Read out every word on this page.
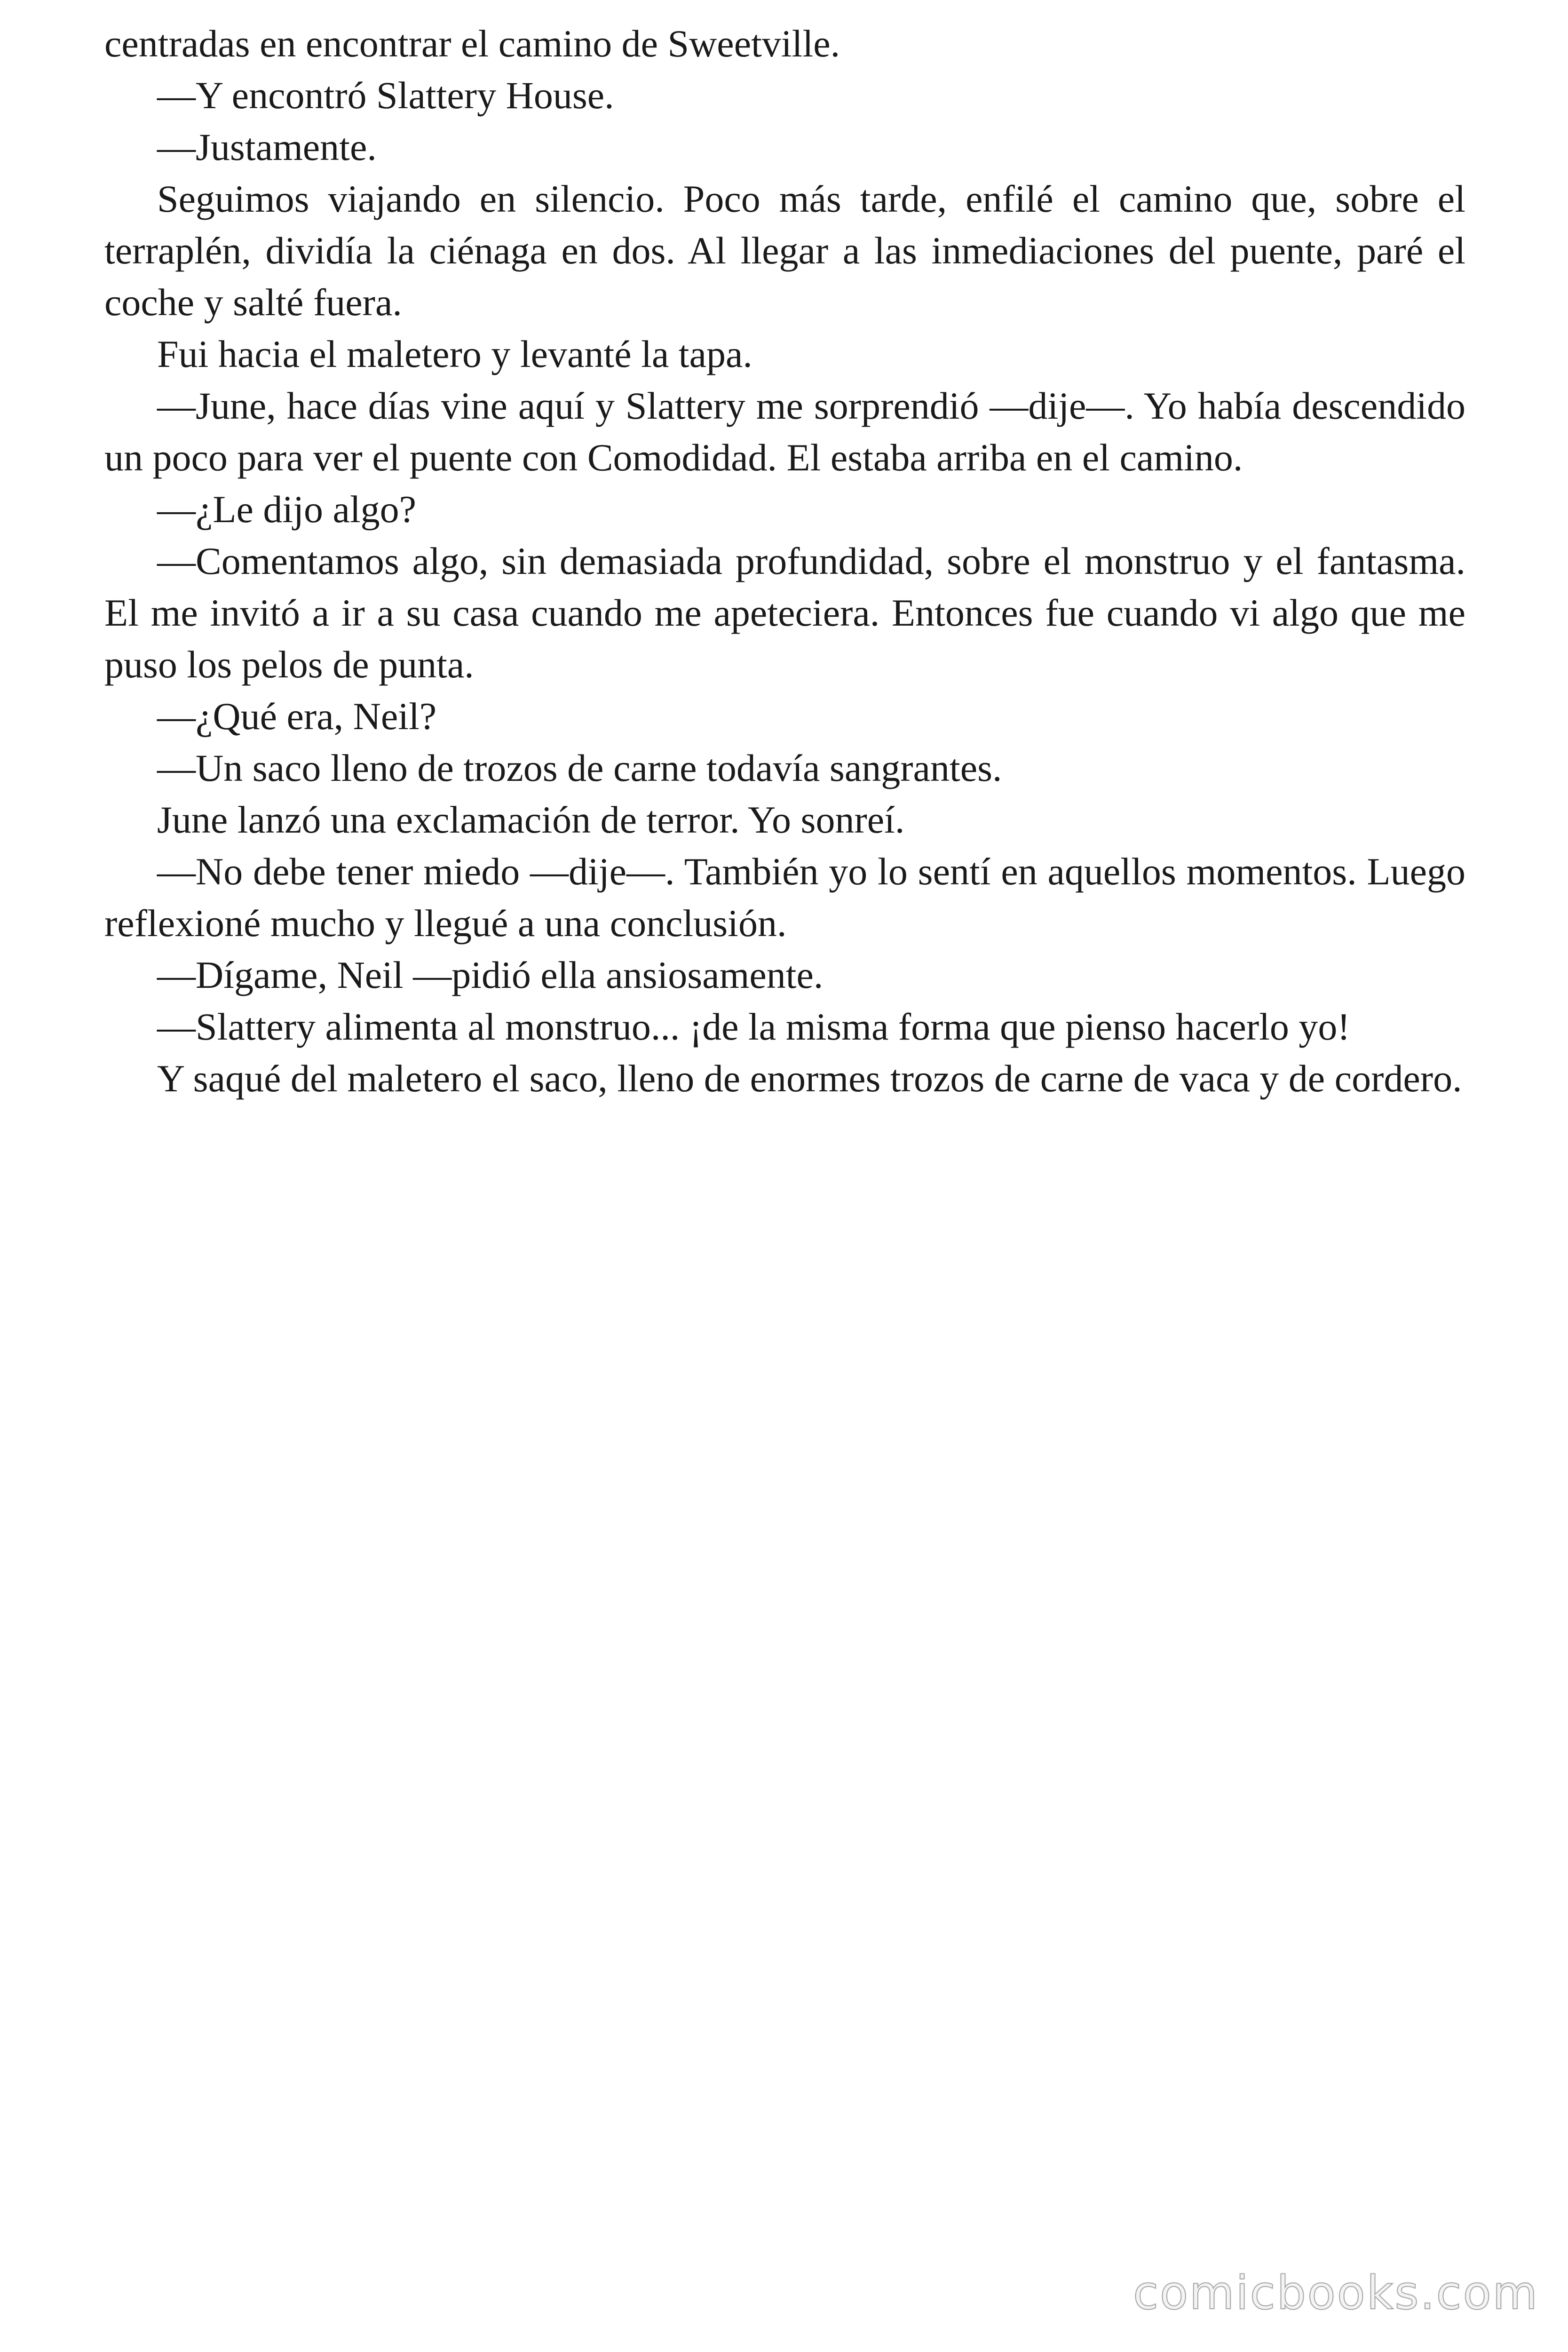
centradas en encontrar el camino de Sweetville.

—Y encontró Slattery House.

—Justamente.

Seguimos viajando en silencio. Poco más tarde, enfilé el camino que, sobre el terraplén, dividía la ciénaga en dos. Al llegar a las inmediaciones del puente, paré el coche y salté fuera.

Fui hacia el maletero y levanté la tapa.

—June, hace días vine aquí y Slattery me sorprendió —dije—. Yo había descendido un poco para ver el puente con Comodidad. El estaba arriba en el camino.

—¿Le dijo algo?

—Comentamos algo, sin demasiada profundidad, sobre el monstruo y el fantasma. El me invitó a ir a su casa cuando me apeteciera. Entonces fue cuando vi algo que me puso los pelos de punta.

—¿Qué era, Neil?

—Un saco lleno de trozos de carne todavía sangrantes.

June lanzó una exclamación de terror. Yo sonreí.

—No debe tener miedo —dije—. También yo lo sentí en aquellos momentos. Luego reflexioné mucho y llegué a una conclusión.

—Dígame, Neil —pidió ella ansiosamente.

—Slattery alimenta al monstruo... ¡de la misma forma que pienso hacerlo yo!

Y saqué del maletero el saco, lleno de enormes trozos de carne de vaca y de cordero.

comicbooks.com
